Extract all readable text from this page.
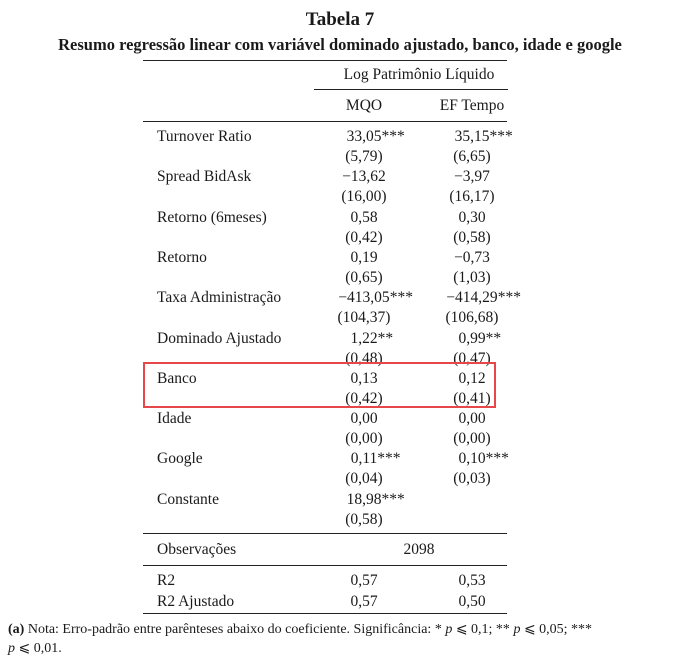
Tabela 7
Resumo regressão linear com variável dominado ajustado, banco, idade e google
Log Patrimônio Líquido
MQO	EF Tempo
Turnover Ratio	33,05***	35,15***
(5,79)	(6,65)
Spread BidAsk	−13,62	−3,97
(16,00)	(16,17)
Retorno (6meses)	0,58	0,30
(0,42)	(0,58)
Retorno	0,19	−0,73
(0,65)	(1,03)
Taxa Administração	−413,05***	−414,29***
(104,37)	(106,68)
Dominado Ajustado	1,22**	0,99**
(0,48)	(0,47)
Banco	0,13	0,12
(0,42)	(0,41)
Idade	0,00	0,00
(0,00)	(0,00)
Google	0,11***	0,10***
(0,04)	(0,03)
Constante	18,98***
(0,58)
Observações	2098
R2	0,57	0,53
R2 Ajustado	0,57	0,50
(a) Nota: Erro-padrão entre parênteses abaixo do coeficiente. Significância: * p ⩽ 0,1; ** p ⩽ 0,05; ***
p ⩽ 0,01.
